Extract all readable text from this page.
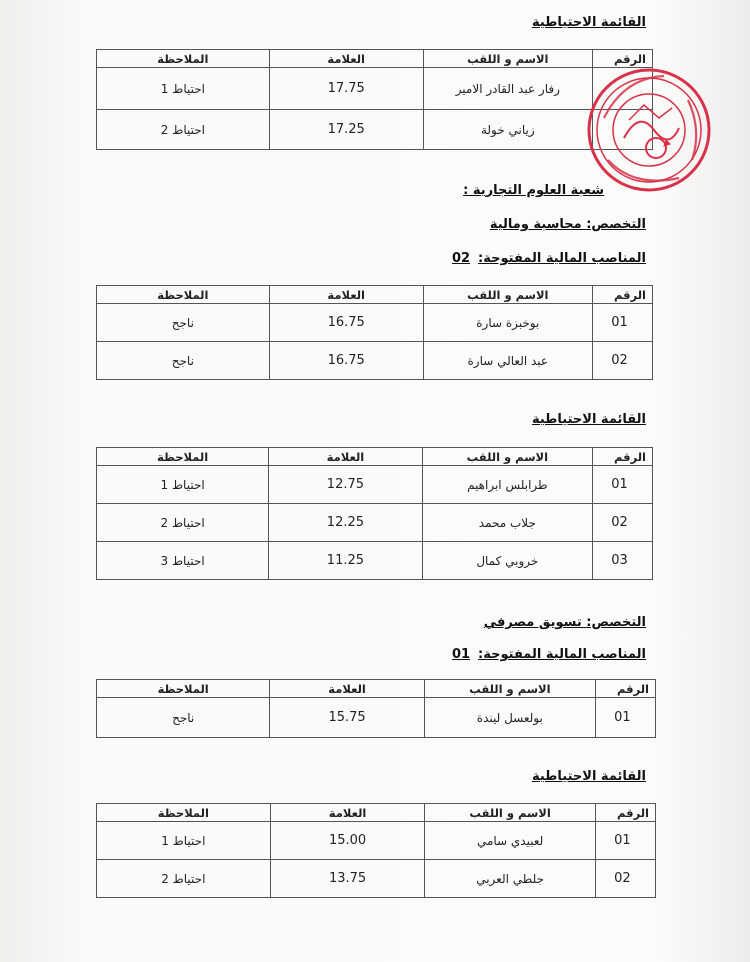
القائمة الاحتياطية
الرقم	الاسم و اللقب	العلامة	الملاحظة
	رفار عبد القادر الامير	17.75	احتياط 1
	زياني خولة	17.25	احتياط 2
شعبة العلوم التجارية :
التخصص: محاسبة ومالية
المناصب المالية المفتوحة:02
الرقم	الاسم و اللقب	العلامة	الملاحظة
01	بوخبزة سارة	16.75	ناجح
02	عبد العالي سارة	16.75	ناجح
القائمة الاحتياطية
الرقم	الاسم و اللقب	العلامة	الملاحظة
01	طرابلس ابراهيم	12.75	احتياط 1
02	جلاب محمد	12.25	احتياط 2
03	خروبي كمال	11.25	احتياط 3
التخصص: تسويق مصرفي
المناصب المالية المفتوحة:01
الرقم	الاسم و اللقب	العلامة	الملاحظة
01	بولعسل ليندة	15.75	ناجح
القائمة الاحتياطية
الرقم	الاسم و اللقب	العلامة	الملاحظة
01	لعبيدي سامي	15.00	احتياط 1
02	جلطي العربي	13.75	احتياط 2
